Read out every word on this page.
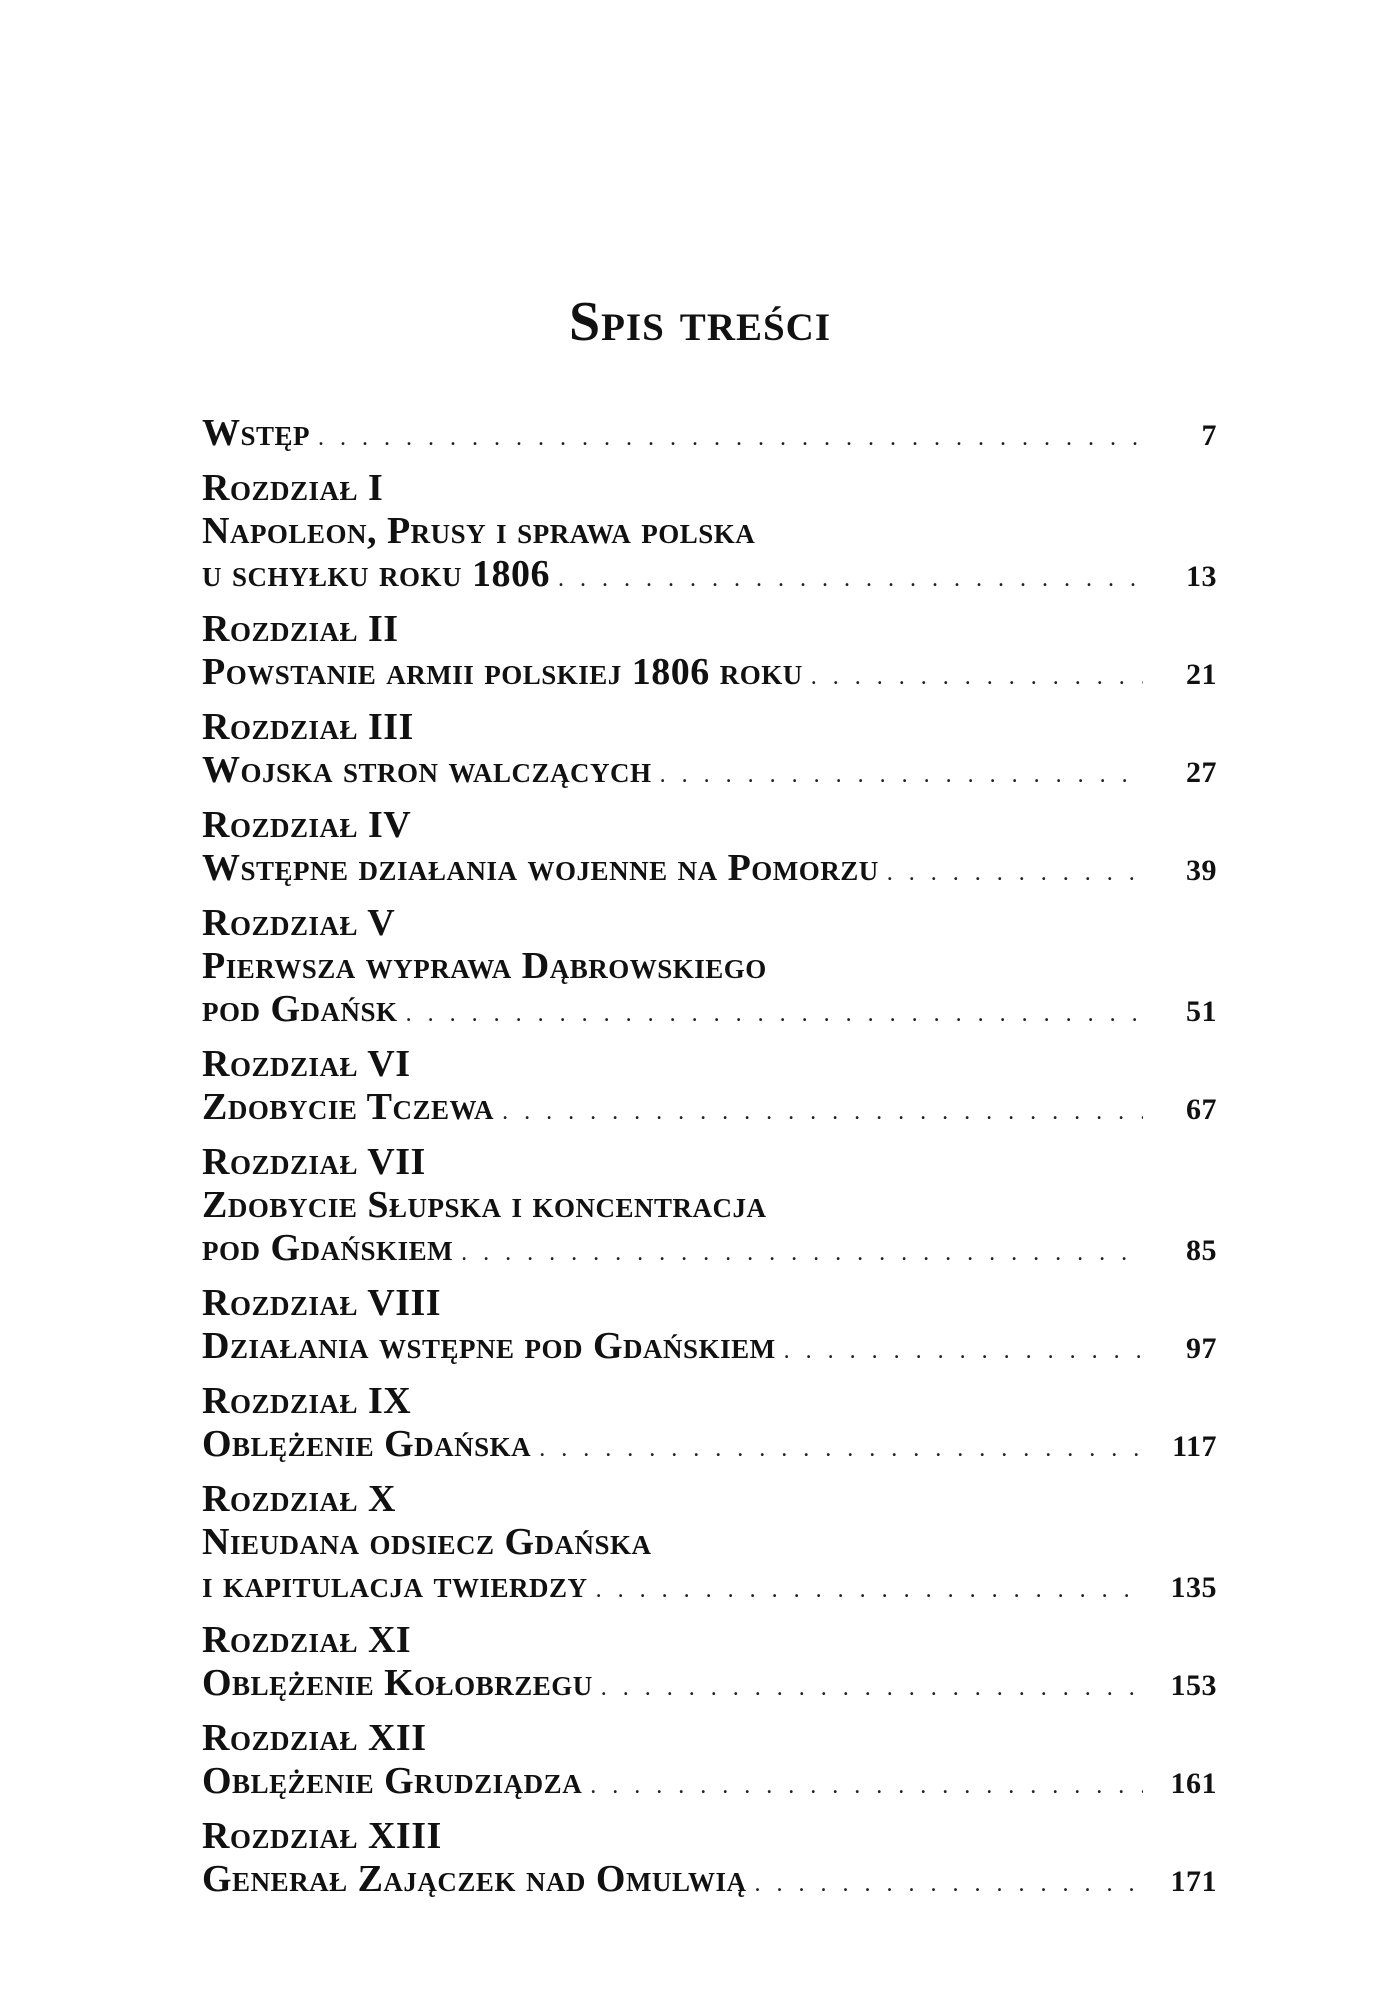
Spis treści
Wstęp . . .	7
Rozdział I
Napoleon, Prusy i sprawa polska
u schyłku roku 1806 . . .	13
Rozdział II
Powstanie armii polskiej 1806 roku . . .	21
Rozdział III
Wojska stron walczących . . .	27
Rozdział IV
Wstępne działania wojenne na Pomorzu . . .	39
Rozdział V
Pierwsza wyprawa Dąbrowskiego
pod Gdańsk . . .	51
Rozdział VI
Zdobycie Tczewa . . .	67
Rozdział VII
Zdobycie Słupska i koncentracja
pod Gdańskiem . . .	85
Rozdział VIII
Działania wstępne pod Gdańskiem . . .	97
Rozdział IX
Oblężenie Gdańska . . .	117
Rozdział X
Nieudana odsiecz Gdańska
i kapitulacja twierdzy . . .	135
Rozdział XI
Oblężenie Kołobrzegu . . .	153
Rozdział XII
Oblężenie Grudziądza . . .	161
Rozdział XIII
Generał Zajączek nad Omulwią . . .	171
